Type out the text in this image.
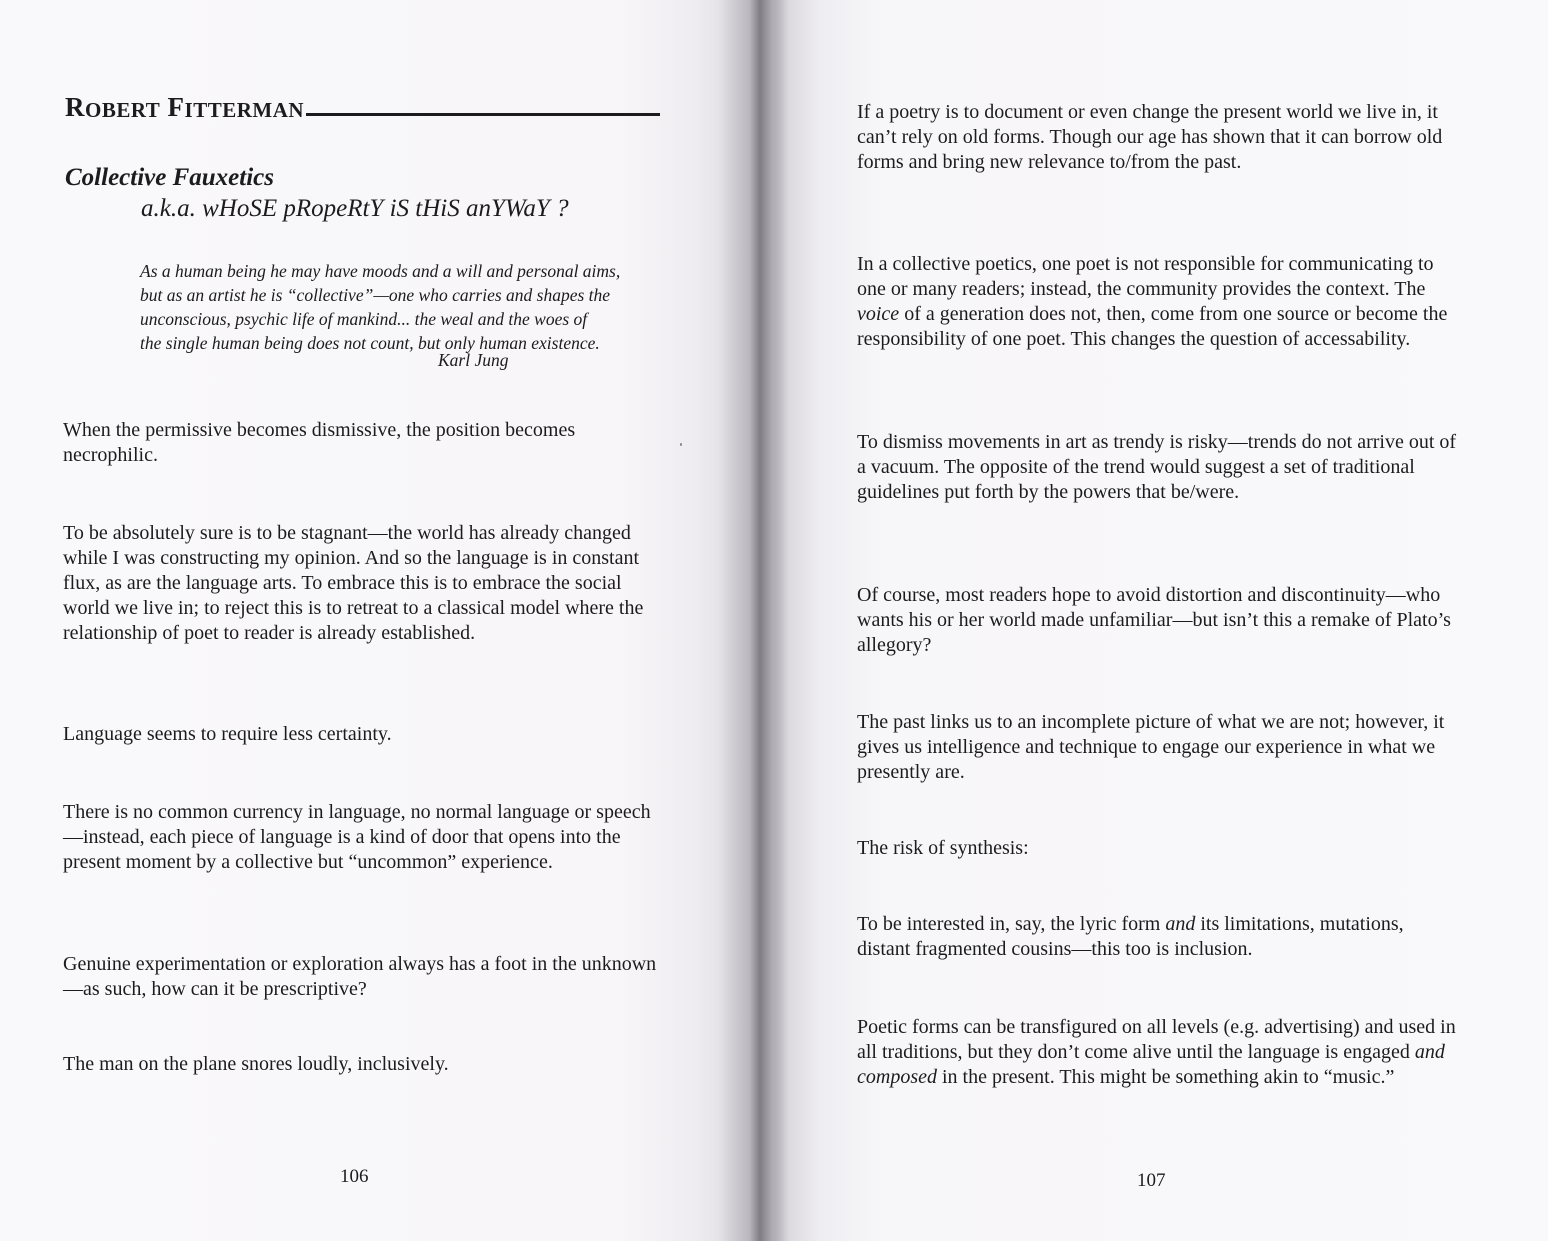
R OBERT
F ITTERMAN
Collective Fauxetics
a.k.a. wHoSE pRopeRtY iS tHiS anYWaY ?
As a human being he may have moods and a will and personal aims,
but as an artist he is “collective”—one who carries and shapes the
unconscious, psychic life of mankind... the weal and the woes of
the single human being does not count, but only human existence.
Karl Jung

When the permissive becomes dismissive, the position becomes necrophilic.

To be absolutely sure is to be stagnant—the world has already changed while I was constructing my opinion. And so the language is in constant flux, as are the language arts. To embrace this is to embrace the social world we live in; to reject this is to retreat to a classical model where the relationship of poet to reader is already established.

Language seems to require less certainty.

There is no common currency in language, no normal language or speech—instead, each piece of language is a kind of door that opens into the present moment by a collective but “uncommon” experience.

Genuine experimentation or exploration always has a foot in the unknown—as such, how can it be prescriptive?

The man on the plane snores loudly, inclusively.

106

If a poetry is to document or even change the present world we live in, it can’t rely on old forms. Though our age has shown that it can borrow old forms and bring new relevance to/from the past.

In a collective poetics, one poet is not responsible for communicating to one or many readers; instead, the community provides the context. The voice of a generation does not, then, come from one source or become the responsibility of one poet. This changes the question of accessability.

To dismiss movements in art as trendy is risky—trends do not arrive out of a vacuum. The opposite of the trend would suggest a set of traditional guidelines put forth by the powers that be/were.

Of course, most readers hope to avoid distortion and discontinuity—who wants his or her world made unfamiliar—but isn’t this a remake of Plato’s allegory?

The past links us to an incomplete picture of what we are not; however, it gives us intelligence and technique to engage our experience in what we presently are.

The risk of synthesis:

To be interested in, say, the lyric form and its limitations, mutations, distant fragmented cousins—this too is inclusion.

Poetic forms can be transfigured on all levels (e.g. advertising) and used in all traditions, but they don’t come alive until the language is engaged and composed in the present. This might be something akin to “music.”

107
